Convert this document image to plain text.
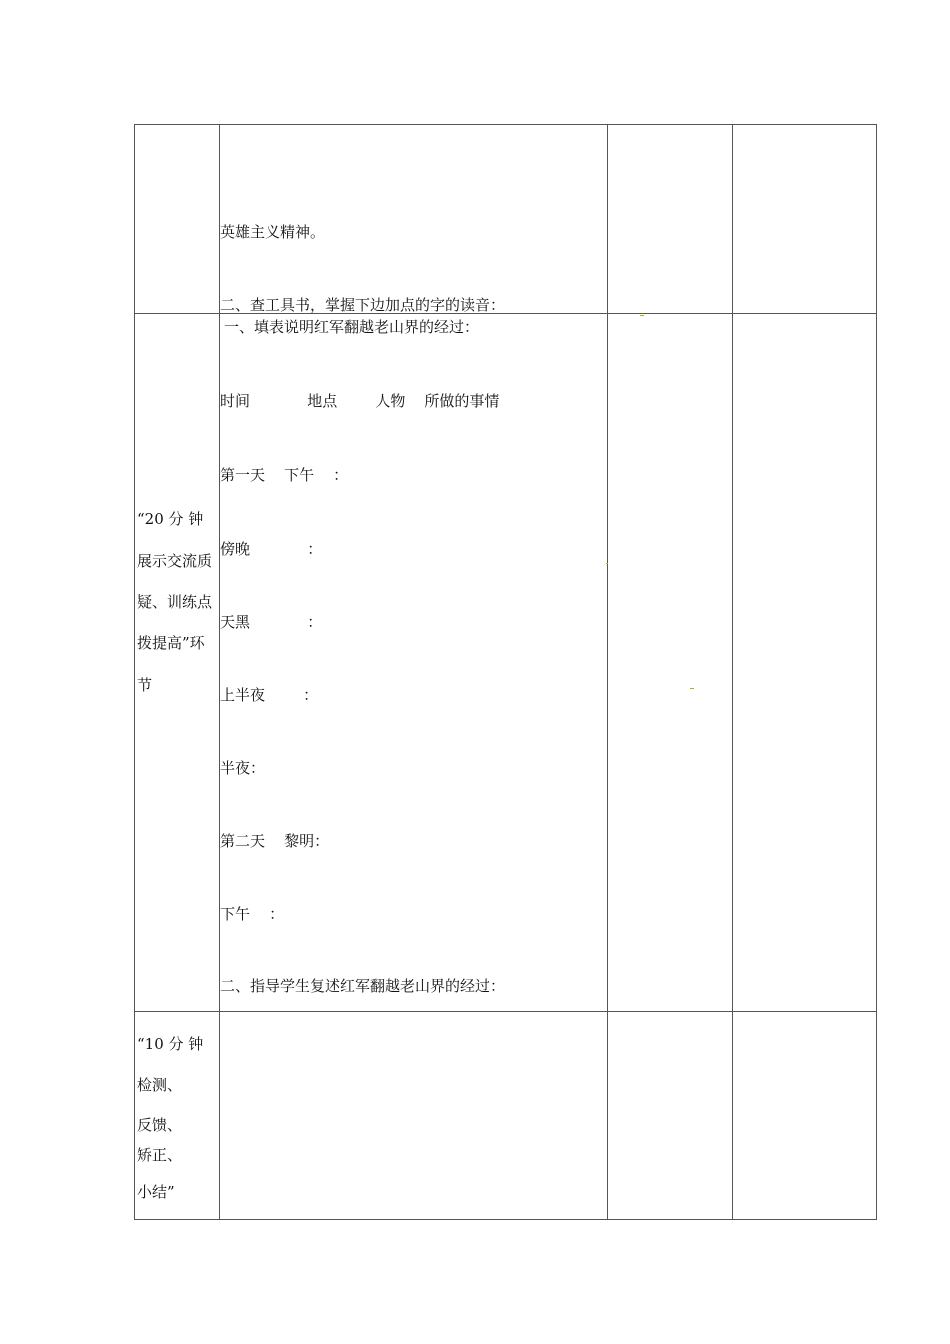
英雄主义精神。
二、查工具书，掌握下边加点的字的读音：
“20 分 钟
展示交流质
疑、训练点
拨提高”环
节
一、填表说明红军翻越老山界的经过：
时间            地点        人物    所做的事情
第一天    下午    ：
傍晚            ：
天黑            ：
上半夜        ：
半夜：
第二天    黎明：
下午    ：
二、指导学生复述红军翻越老山界的经过：
“10 分 钟
检测、
反馈、
矫正、
小结”
